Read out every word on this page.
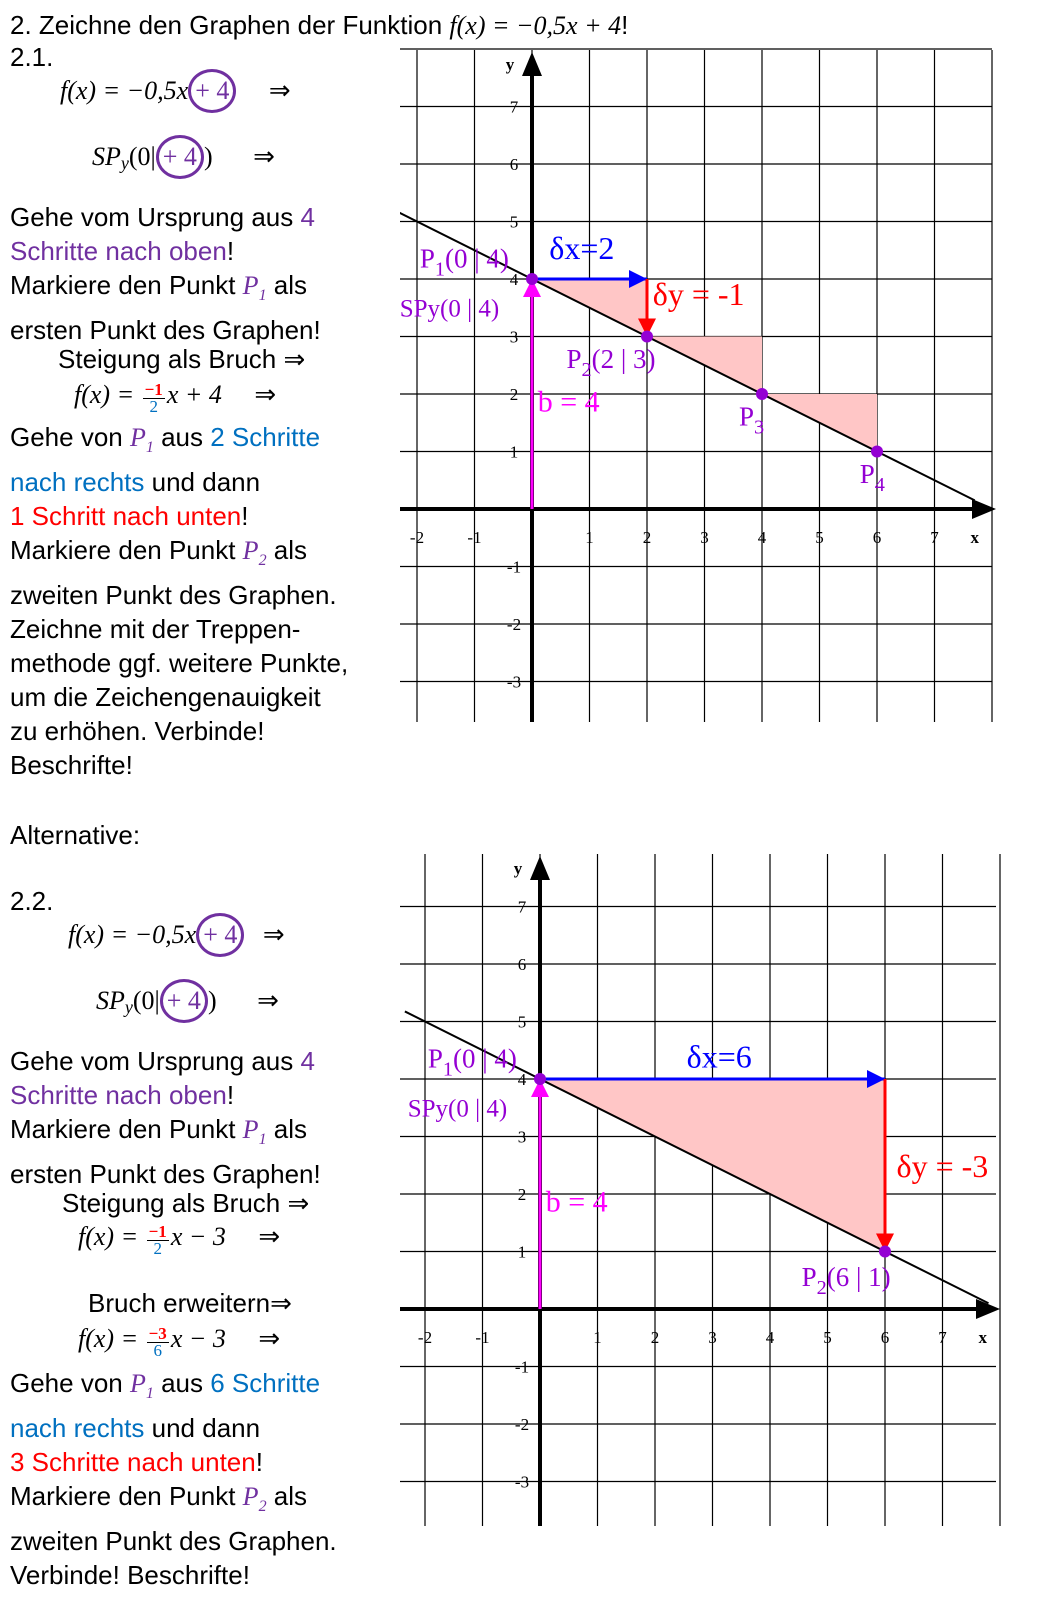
2. Zeichne den Graphen der Funktion f(x) = −0,5x + 4!
2.1.
f(x) = −0,5x + 4 ⇒
$SP_y(0| + 4$ ) ⇒
Gehe vom Ursprung aus 4
Schritte nach oben!
Markiere den Punkt $P_1$ als
ersten Punkt des Graphen!
Steigung als Bruch ⇒
$f(x) = \frac{-1}{2}$ x + 4 ⇒
Gehe von $P_1$ aus 2 Schritte
nach rechts und dann
1 Schritt nach unten!
Markiere den Punkt $P_2$ als
zweiten Punkt des Graphen.
Zeichne mit der Treppen-
methode ggf. weitere Punkte,
um die Zeichengenauigkeit
zu erhöhen. Verbinde!
Beschrifte!
Alternative:
2.2.
f(x) = −0,5x + 4 ⇒
$SP_y(0| + 4$ ) ⇒
Gehe vom Ursprung aus 4
Schritte nach oben!
Markiere den Punkt $P_1$ als
ersten Punkt des Graphen!
Steigung als Bruch ⇒
$f(x) = \frac{-1}{2}$ x − 3 ⇒
Bruch erweitern⇒
$f(x) = \frac{-3}{6}$ x − 3 ⇒
Gehe von $P_1$ aus 6 Schritte
nach rechts und dann
3 Schritte nach unten!
Markiere den Punkt $P_2$ als
zweiten Punkt des Graphen.
Verbinde! Beschrifte!
-2	-1	1	2	3	4	5	6	7
7
6
5
4
3
2
1
-1
-2
-3
x
y
$P_1(0$ | 4)
SPy(0 | 4)
δx=2
δy = -1
$P_2(2$ | 3)
b = 4	$P_3$
$P_4$
-2	-1	1	2	3	4	5	6	7
7
6
5
4
3
2
1
-1
-2
-3
x
y
$P_1(0$ | 4)
SPy(0 | 4)
δx=6
δy = -3
b = 4
$P_2(6$ | 1)
